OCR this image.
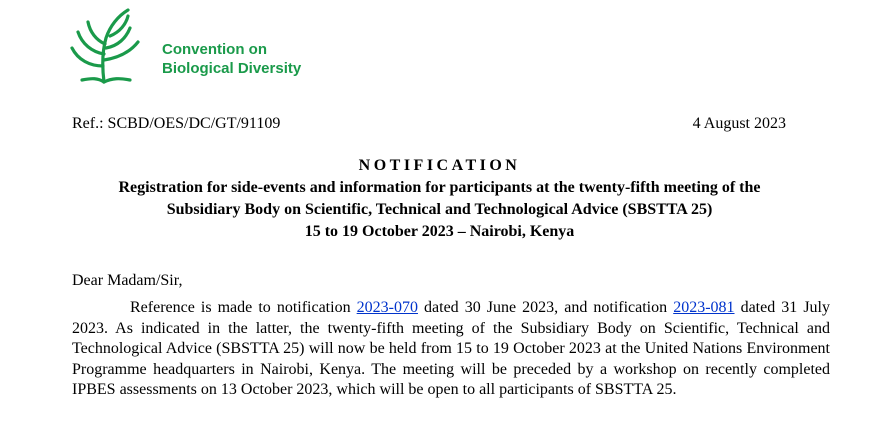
Convention on
Biological Diversity
Ref.: SCBD/OES/DC/GT/91109	4 August 2023
NOTIFICATION
Registration for side-events and information for participants at the twenty-fifth meeting of the
Subsidiary Body on Scientific, Technical and Technological Advice (SBSTTA 25)
15 to 19 October 2023 – Nairobi, Kenya
Dear Madam/Sir,
Reference is made to notification 2023-070 dated 30 June 2023, and notification 2023-081 dated 31 July 2023. As indicated in the latter, the twenty-fifth meeting of the Subsidiary Body on Scientific, Technical and Technological Advice (SBSTTA 25) will now be held from 15 to 19 October 2023 at the United Nations Environment Programme headquarters in Nairobi, Kenya. The meeting will be preceded by a workshop on recently completed IPBES assessments on 13 October 2023, which will be open to all participants of SBSTTA 25.
